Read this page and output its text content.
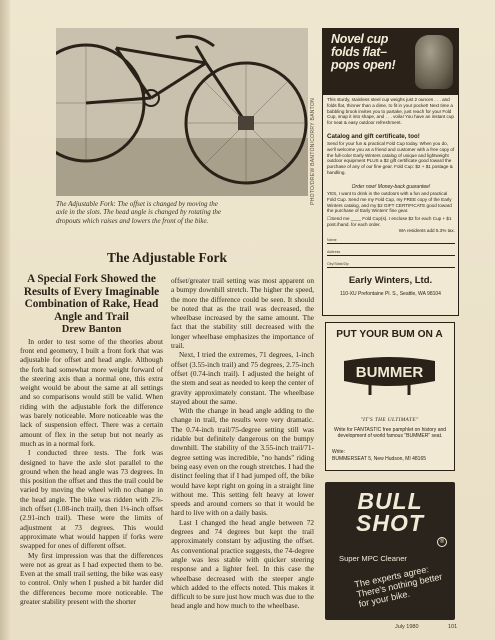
PHOTO/DREW BANTON/CORRY BANTON
The Adjustable Fork: The offset is changed by moving the axle in the slots. The head angle is changed by rotating the dropouts which raises and lowers the front of the bike.
The Adjustable Fork
A Special Fork Showed the Results of Every Imaginable Combination of Rake, Head Angle and Trail
Drew Banton

In order to test some of the theories about front end geometry, I built a front fork that was adjustable for offset and head angle. Although the fork had somewhat more weight forward of the steering axis than a normal one, this extra weight would be about the same at all settings and so comparisons would still be valid. When riding with the adjustable fork the difference was barely noticeable. More noticeable was the lack of suspension effect. There was a certain amount of flex in the setup but not nearly as much as in a normal fork.

I conducted three tests. The fork was designed to have the axle slot parallel to the ground when the head angle was 73 degrees. In this position the offset and thus the trail could be varied by moving the wheel with no change in the head angle. The bike was ridden with 2⅞-inch offset (1.08-inch trail), then 1⅛-inch offset (2.91-inch trail). These were the limits of adjustment at 73 degrees. This would approximate what would happen if forks were swapped for ones of different offset.

My first impression was that the differences were not as great as I had expected them to be. Even at the small trail setting, the bike was easy to control. Only when I pushed a bit harder did the differences become more noticeable. The greater stability present with the shorter

offset/greater trail setting was most apparent on a bumpy downhill stretch. The higher the speed, the more the difference could be seen. It should be noted that as the trail was decreased, the wheelbase increased by the same amount. The fact that the stability still decreased with the longer wheelbase emphasizes the importance of trail.

Next, I tried the extremes, 71 degrees, 1-inch offset (3.55-inch trail) and 75 degrees, 2.75-inch offset (0.74-inch trail). I adjusted the height of the stem and seat as needed to keep the center of gravity approximately constant. The wheelbase stayed about the same.

With the change in head angle adding to the change in trail, the results were very dramatic. The 0.74-inch trail/75-degree setting still was ridable but definitely dangerous on the bumpy downhill. The stability of the 3.55-inch trail/71-degree setting was incredible, "no hands" riding being easy even on the rough stretches. I had the distinct feeling that if I had jumped off, the bike would have kept right on going in a straight line without me. This setting felt heavy at lower speeds and around corners so that it would be hard to live with on a daily basis.

Last I changed the head angle between 72 degrees and 74 degrees but kept the trail approximately constant by adjusting the offset. As conventional practice suggests, the 74-degree angle was less stable with quicker steering response and a lighter feel. In this case the wheelbase decreased with the steeper angle which added to the effects noted. This makes it difficult to be sure just how much was due to the head angle and how much to the wheelbase.

July 1980	101
Novel cup folds flat– pops open!
This sturdy, stainless steel cup weighs just 2 ounces . . . and folds flat, thinner than a dime, to fit in your pocket! Next time a babbling brook invites you to partake, just reach for your Fold Cup, snap it into shape, and . . . voila! You have an instant cup for neat & easy outdoor refreshment.
Catalog and gift certificate, too!
Send for your fun & practical Fold Cup today. When you do, we'll welcome you as a friend and customer with a free copy of the full-color Early Winters catalog of unique and lightweight outdoor equipment PLUS a $2 gift certificate good toward the purchase of any of our fine gear. Fold Cup: $2 + $1 postage & handling.
Order now! Money-back guarantee!
YES, I want to drink in the outdoors with a fun and practical Fold Cup. Send me my Fold Cup, my FREE copy of the Early Winters catalog, and my $2 GIFT CERTIFICATE good toward the purchase of Early Winters' fine gear.
☐Send me ____ Fold Cup(s). I enclose $2 for each Cup + $1 post./hand. for each order.
WA residents add 5.3% tax.
Name
Address
City/State/Zip
Early Winters, Ltd.
110-XU Prefontaine Pl. S., Seattle, WA 98104
PUT YOUR BUM ON A
BUMMER
"IT'S THE ULTIMATE"
Write for FANTASTIC free pamphlet on history and development of world famous "BUMMER" seat.
Write:
BUMMERSEAT 5, New Hudson, MI 48165
BULL SHOT
®
Super MPC Cleaner
The experts agree: There's nothing better for your bike.
